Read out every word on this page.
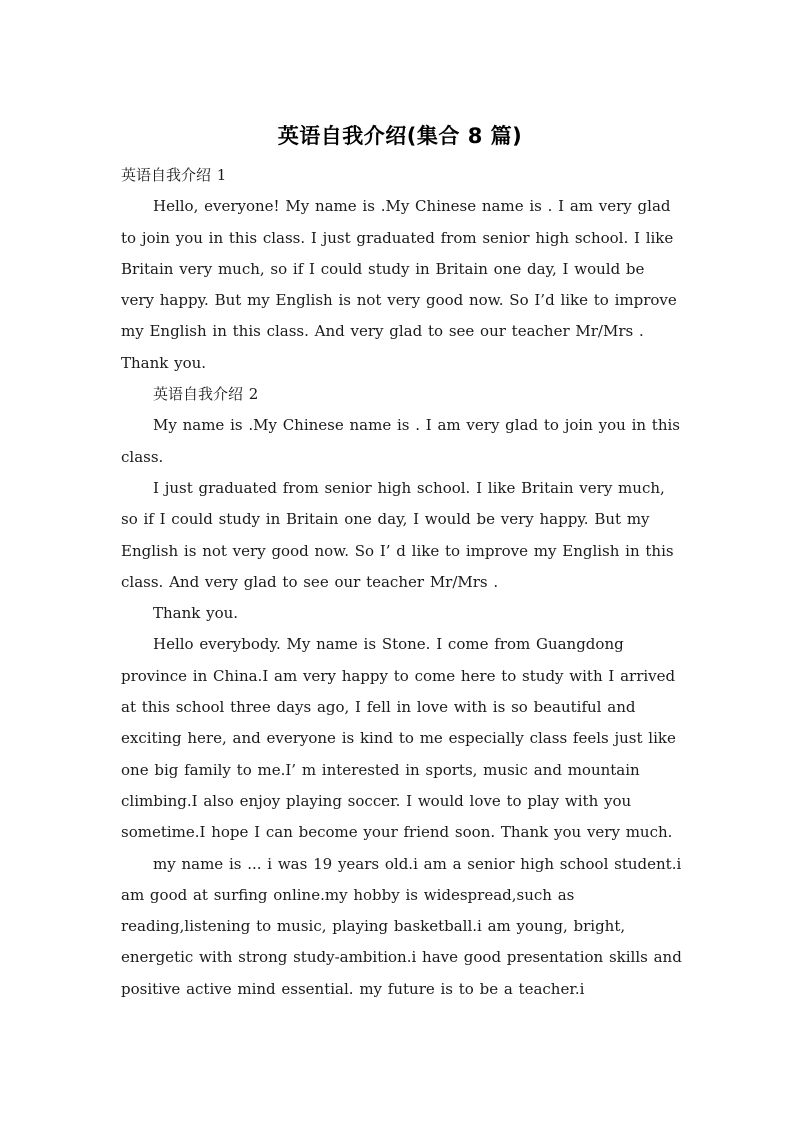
英语自我介绍(集合 8 篇)

英语自我介绍 1

Hello, everyone! My name is .My Chinese name is . I am very glad to join you in this class. I just graduated from senior high school. I like Britain very much, so if I could study in Britain one day, I would be very happy. But my English is not very good now. So I’d like to improve my English in this class. And very glad to see our teacher Mr/Mrs . Thank you.

英语自我介绍 2

My name is .My Chinese name is . I am very glad to join you in this class.

I just graduated from senior high school. I like Britain very much, so if I could study in Britain one day, I would be very happy. But my English is not very good now. So I’ d like to improve my English in this class. And very glad to see our teacher Mr/Mrs .

Thank you.

Hello everybody. My name is Stone. I come from Guangdong province in China.I am very happy to come here to study with I arrived at this school three days ago, I fell in love with is so beautiful and exciting here, and everyone is kind to me especially class feels just like one big family to me.I’ m interested in sports, music and mountain climbing.I also enjoy playing soccer. I would love to play with you sometime.I hope I can become your friend soon. Thank you very much.

my name is ... i was 19 years old.i am a senior high school student.i am good at surfing online.my hobby is widespread,such as reading,listening to music, playing basketball.i am young, bright, energetic with strong study-ambition.i have good presentation skills and positive active mind essential. my future is to be a teacher.i
